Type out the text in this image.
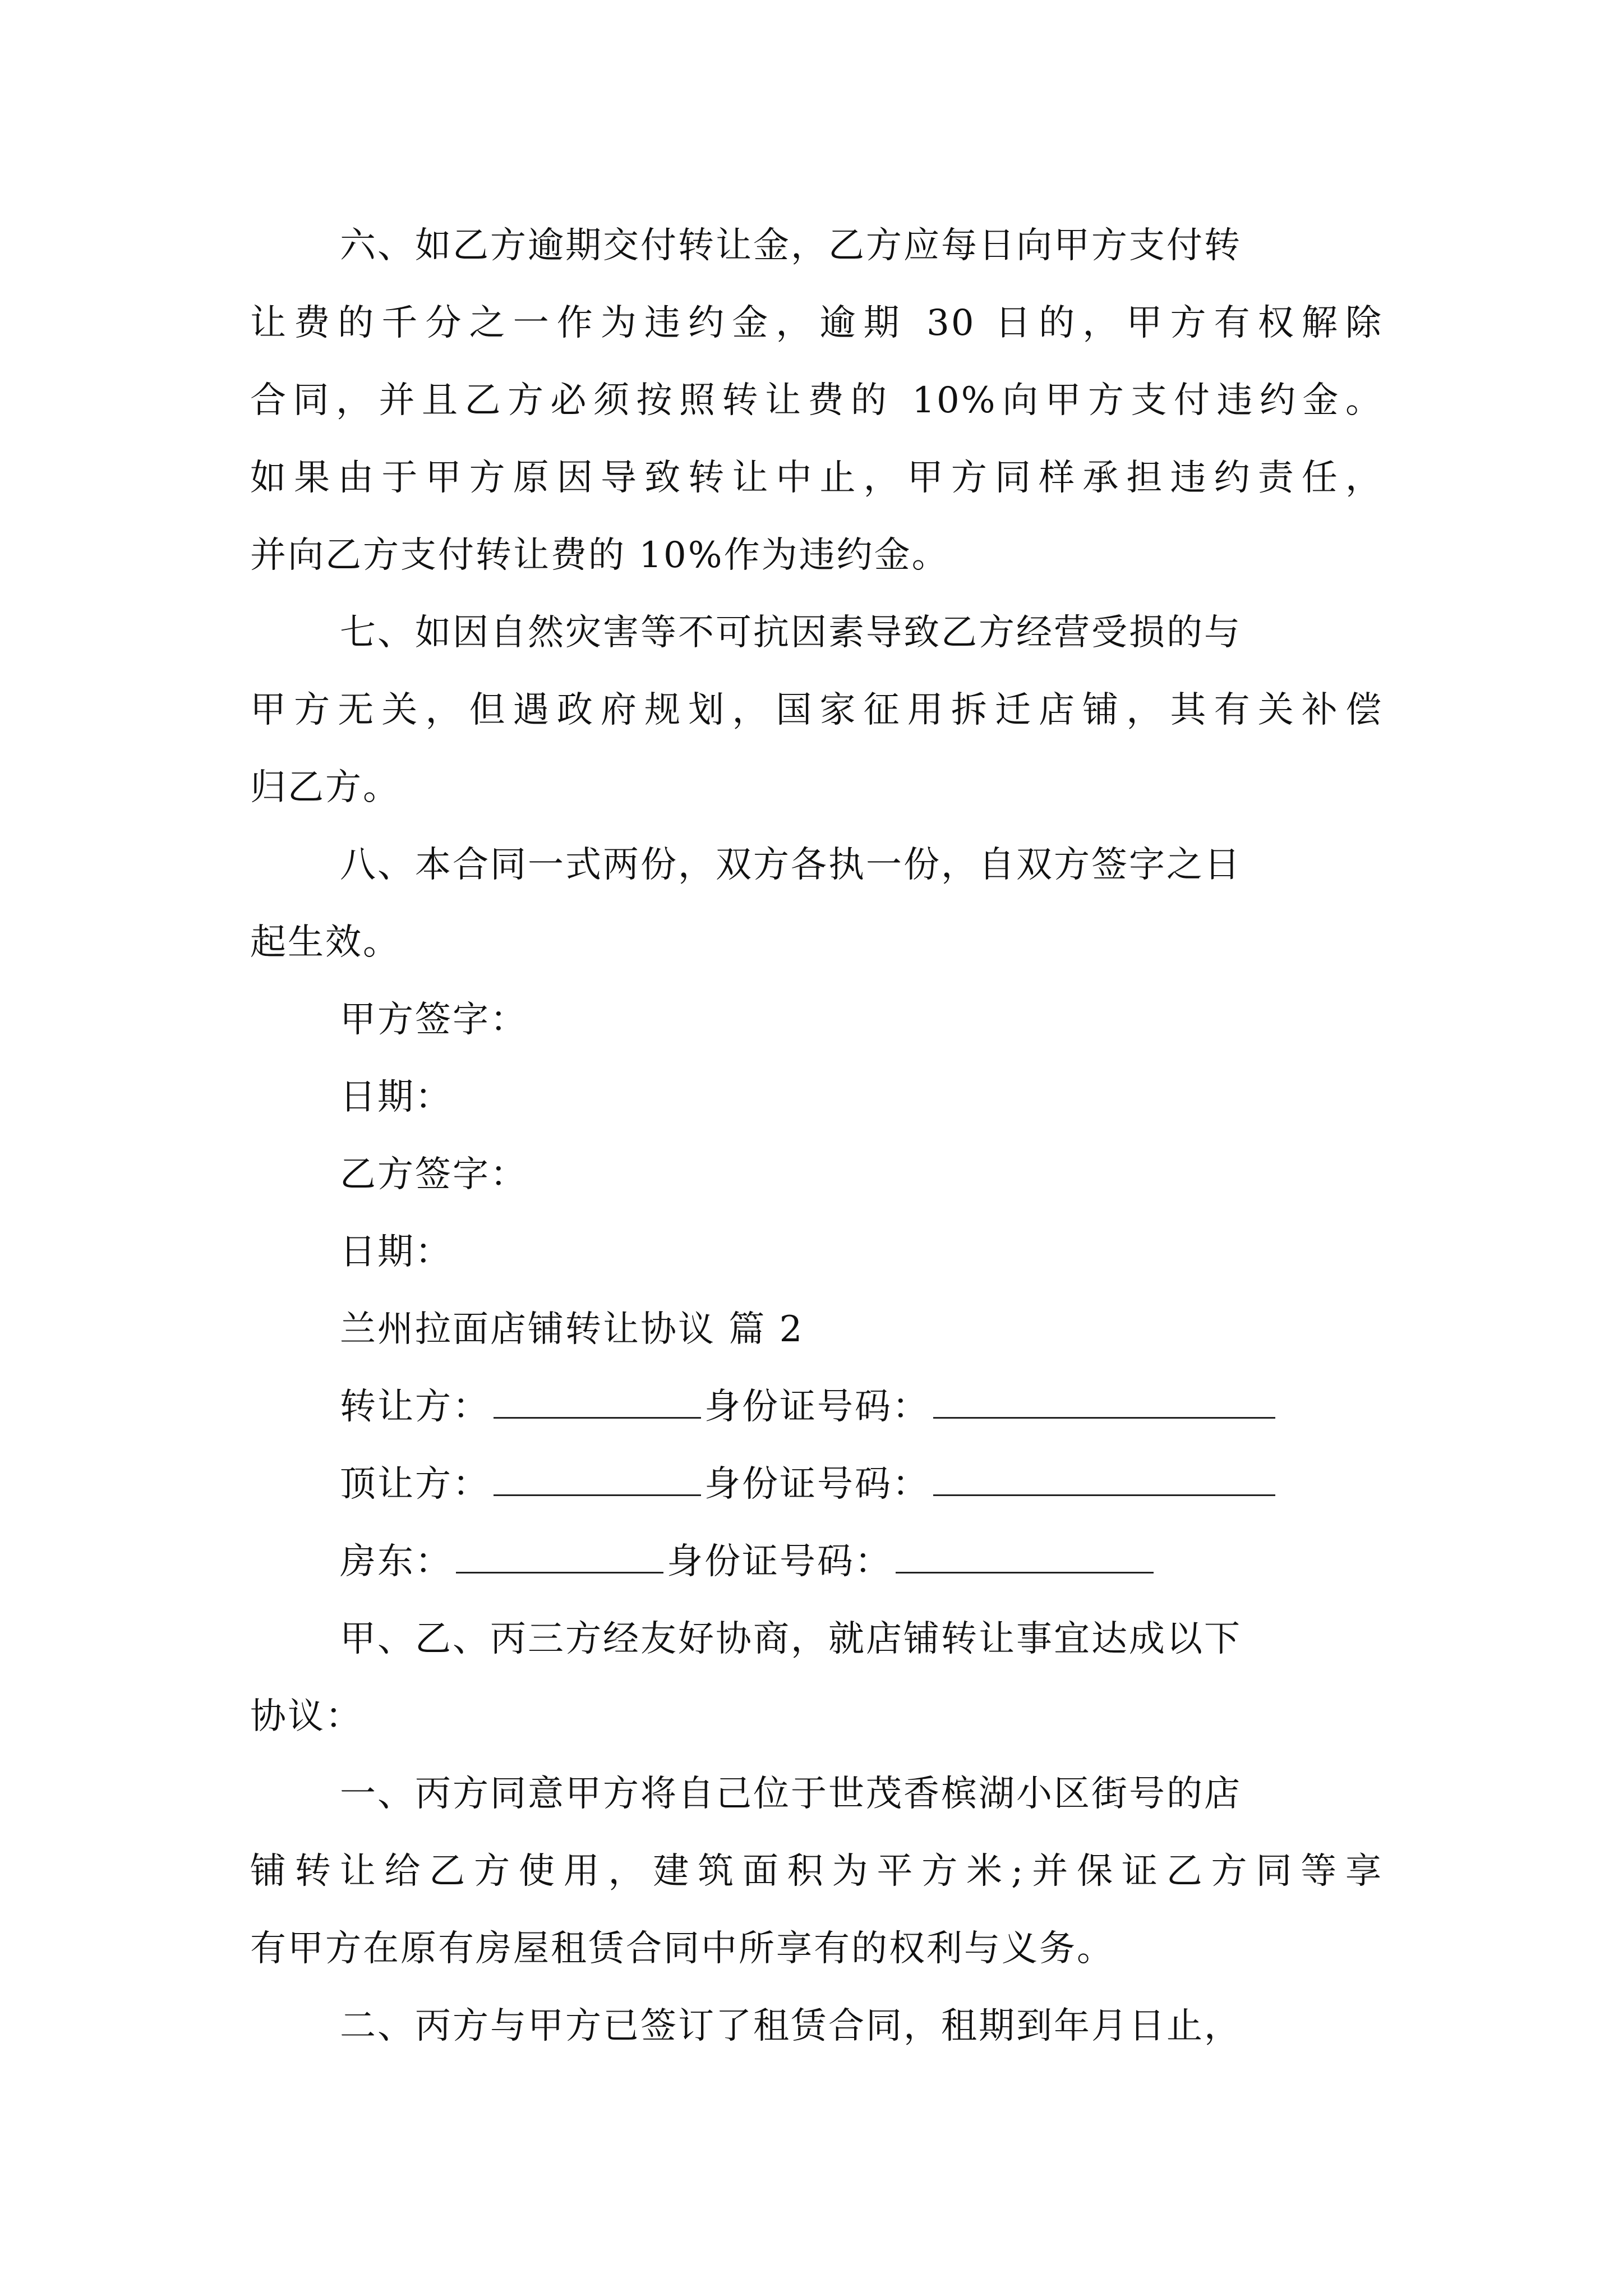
六、如乙方逾期交付转让金，乙方应每日向甲方支付转
让费的千分之一作为违约金，逾期 30 日的，甲方有权解除
合同，并且乙方必须按照转让费的 10%向甲方支付违约金。
如果由于甲方原因导致转让中止，甲方同样承担违约责任，
并向乙方支付转让费的 10%作为违约金。
七、如因自然灾害等不可抗因素导致乙方经营受损的与
甲方无关，但遇政府规划，国家征用拆迁店铺，其有关补偿
归乙方。
八、本合同一式两份，双方各执一份，自双方签字之日
起生效。
甲方签字：
日期：
乙方签字：
日期：
兰州拉面店铺转让协议 篇 2
转让方：	身份证号码：
顶让方：	身份证号码：
房东：	身份证号码：
甲、乙、丙三方经友好协商，就店铺转让事宜达成以下
协议：
一、丙方同意甲方将自己位于世茂香槟湖小区街号的店
铺转让给乙方使用，建筑面积为平方米;并保证乙方同等享
有甲方在原有房屋租赁合同中所享有的权利与义务。
二、丙方与甲方已签订了租赁合同，租期到年月日止，
